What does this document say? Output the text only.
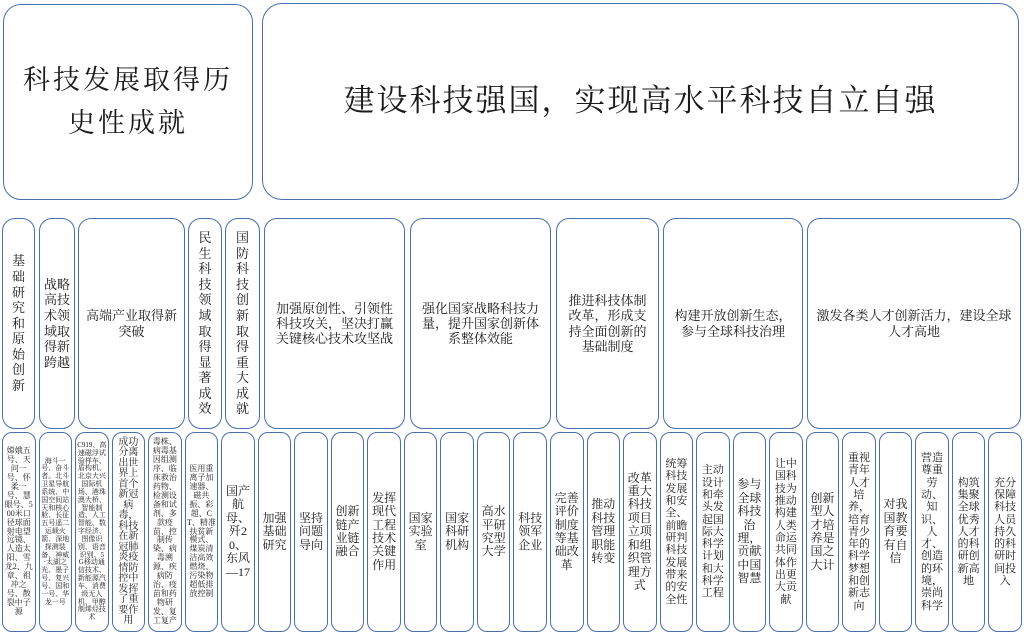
科技发展取得历史性成就
建设科技强国，实现高水平科技自立自强
基础研究和原始创新
战略高技术领域取得新跨越
高端产业取得新突破
民生科技领域取得显著成效
国防科技创新取得重大成就
加强原创性、引领性科技攻关，坚决打赢关键核心技术攻坚战
强化国家战略科技力量，提升国家创新体系整体效能
推进科技体制改革，形成支持全面创新的基础制度
构建开放创新生态，参与全球科技治理
激发各类人才创新活力，建设全球人才高地
嫦娥五号、天问一号、怀柔一号、慧眼号、500米口径球面射电望远镜、人造太阳、雪龙2、九章、祖冲之号、散裂中子源
海斗一号、奋斗者。北斗卫星导航系统、中国空间站天和核心舱、长征五号遥二运载火箭、深地探测装备、神威·太湖之光、墨子号、复兴号、国和一号、华龙一号
C919、高速磁浮试验样车、盾构机、北京大兴国际机场、港珠澳大桥、智能制造、人工智能、数字经济、图像识别、语音识别、5G移动通信技术、新能源汽车、消费级无人机、甲醇制烯烃技术
成功分离出世界上首个新冠病毒，科技在新冠肺炎疫情防控中发挥了重要作用
毒株、病毒基因组测序、临床救治药物、检测设备和试剂、多款疫苗、控制传染、病毒溯源、疾病防治、疫苗和药物研发、复工复产
医用重离子加速器、磁共振、彩超、CT、精准扶贫新模式、煤炭清洁高效燃烧、污染物超低排放控制
国产航母、歼20、东风—17
加强基础研究
坚持问题导向
创新链产业链融合
发挥现代工程技术关键作用
国家实验室
国家科研机构
高水平研究型大学
科技领军企业
完善评价制度等基础改革
推动科技管理职能转变
改革重大科技项目立项和组织管理方式
统筹科技发展和安全、前瞻研判科技发展带来的安全性
主动设计和牵头发起国际大科学计划和大科学工程
参与全球科技治理，贡献中国智慧
让中国科技为推动构建人类命运共同体作出更大贡献
创新型人才培养是国之大计
重视青年人才培养，培育青少年的科学梦想和创新志向
对我国教育要有自信
营造尊重劳动、知识、人才、创造的环境，崇尚科学
构筑集聚全球优秀人才的科研创新高地
充分保障科技人员持久的科研时间投入
